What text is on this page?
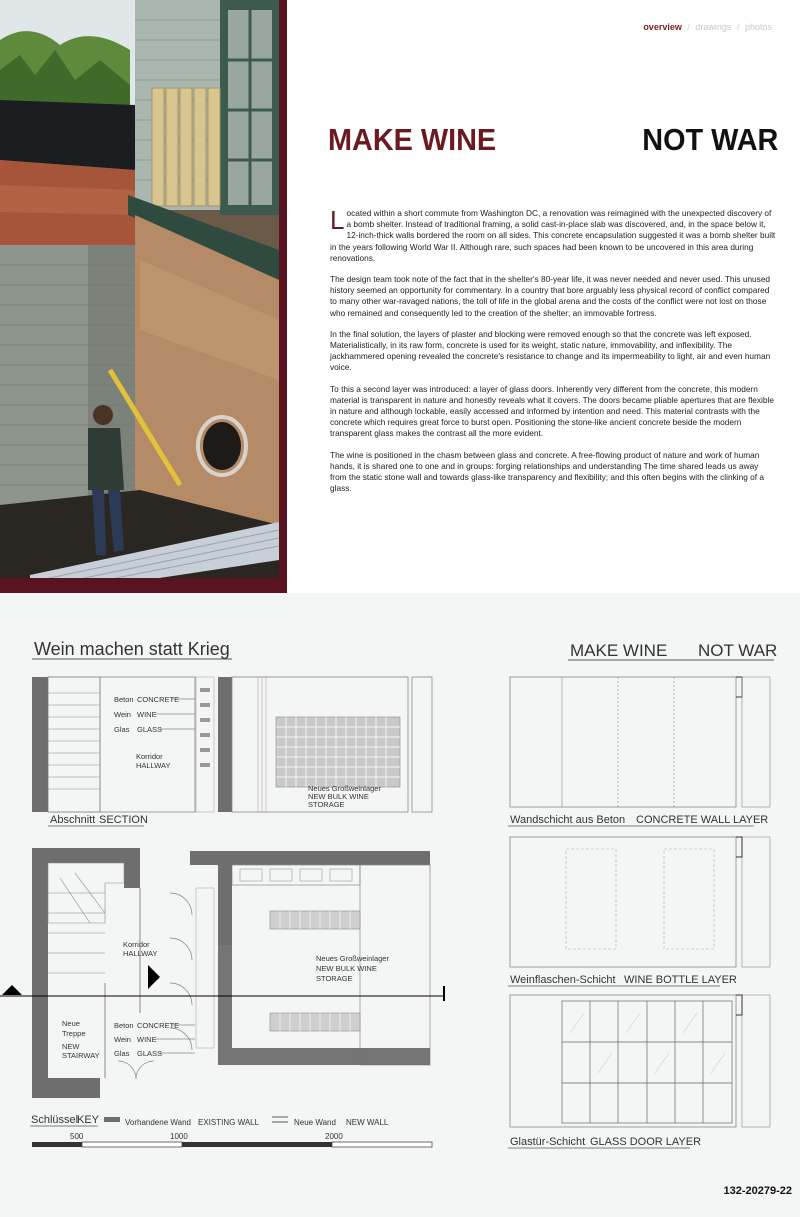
overview / drawings / photos
MAKE WINE	NOT WAR

Located within a short commute from Washington DC, a renovation was reimagined with the unexpected discovery of a bomb shelter. Instead of traditional framing, a solid cast-in-place slab was discovered, and, in the space below it, 12-inch-thick walls bordered the room on all sides. This concrete encapsulation suggested it was a bomb shelter built in the years following World War II. Although rare, such spaces had been known to be uncovered in this area during renovations.

The design team took note of the fact that in the shelter's 80-year life, it was never needed and never used. This unused history seemed an opportunity for commentary. In a country that bore arguably less physical record of conflict compared to many other war-ravaged nations, the toll of life in the global arena and the costs of the conflict were not lost on those who remained and consequently led to the creation of the shelter; an immovable fortress.

In the final solution, the layers of plaster and blocking were removed enough so that the concrete was left exposed. Materialistically, in its raw form, concrete is used for its weight, static nature, immovability, and inflexibility. The jackhammered opening revealed the concrete's resistance to change and its impermeability to light, air and even human voice.

To this a second layer was introduced: a layer of glass doors. Inherently very different from the concrete, this modern material is transparent in nature and honestly reveals what it covers. The doors became pliable apertures that are flexible in nature and although lockable, easily accessed and informed by intention and need. This material contrasts with the concrete which requires great force to burst open. Positioning the stone-like ancient concrete beside the modern transparent glass makes the contrast all the more evident.

The wine is positioned in the chasm between glass and concrete. A free-flowing product of nature and work of human hands, it is shared one to one and in groups: forging relationships and understanding The time shared leads us away from the static stone wall and towards glass-like transparency and flexibility; and this often begins with the clinking of a glass.

Wein machen statt Krieg	MAKE WINE NOT WAR
Beton CONCRETE
Wein WINE
Glas GLASS
Korridor
HALLWAY
Neues Großweinlager
NEW BULK WINE
STORAGE
Abschnitt SECTION
Korridor
HALLWAY
Neues Großweinlager
NEW BULK WINE
STORAGE
Neue
Treppe
NEW
STAIRWAY
Beton CONCRETE
Wein WINE
Glas GLASS
Schlüssel
KEY	Vorhandene Wand EXISTING WALL	Neue Wand NEW WALL
500	1000	2000
Wandschicht aus Beton CONCRETE WALL LAYER
Weinflaschen-Schicht WINE BOTTLE LAYER
Glastür-Schicht GLASS DOOR LAYER
132-20279-22
